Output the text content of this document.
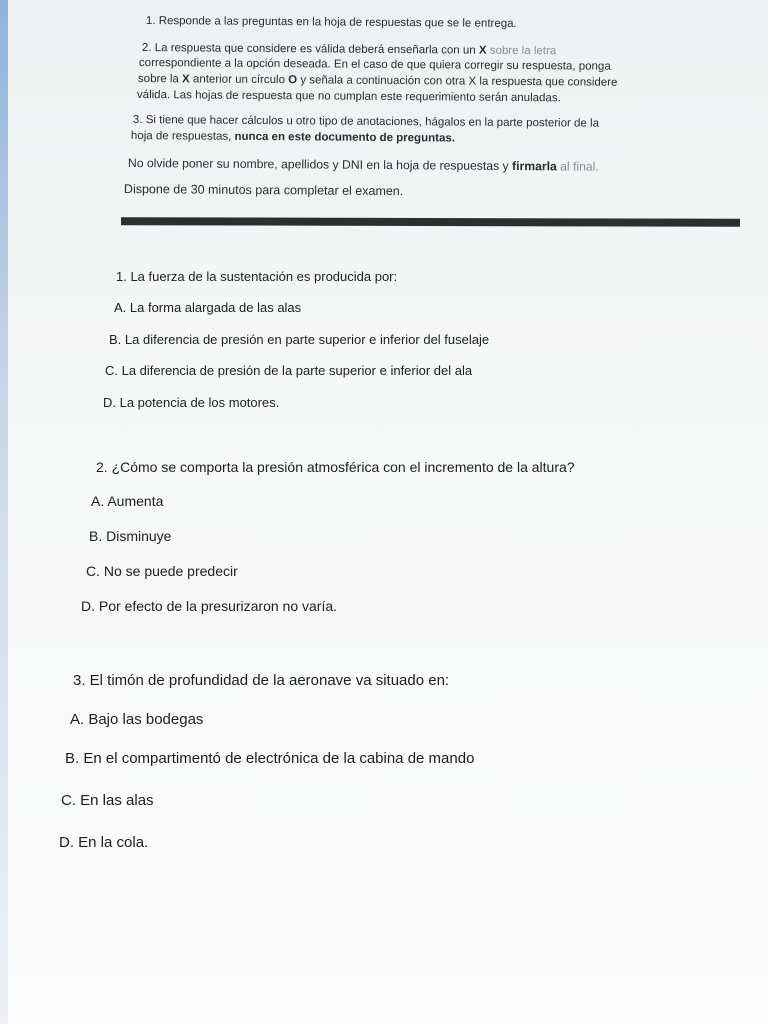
1. Responde a las preguntas en la hoja de respuestas que se le entrega.
2. La respuesta que considere es válida deberá enseñarla con un X sobre la letra
correspondiente a la opción deseada. En el caso de que quiera corregir su respuesta, ponga
sobre la X anterior un círculo O y señala a continuación con otra X la respuesta que considere
válida. Las hojas de respuesta que no cumplan este requerimiento serán anuladas.
3. Si tiene que hacer cálculos u otro tipo de anotaciones, hágalos en la parte posterior de la
hoja de respuestas, nunca en este documento de preguntas.
No olvide poner su nombre, apellidos y DNI en la hoja de respuestas y firmarla al final.
Dispone de 30 minutos para completar el examen.
1. La fuerza de la sustentación es producida por:
A. La forma alargada de las alas
B. La diferencia de presión en parte superior e inferior del fuselaje
C. La diferencia de presión de la parte superior e inferior del ala
D. La potencia de los motores.
2. ¿Cómo se comporta la presión atmosférica con el incremento de la altura?
A. Aumenta
B. Disminuye
C. No se puede predecir
D. Por efecto de la presurizaron no varía.
3. El timón de profundidad de la aeronave va situado en:
A. Bajo las bodegas
B. En el compartimentó de electrónica de la cabina de mando
C. En las alas
D. En la cola.
